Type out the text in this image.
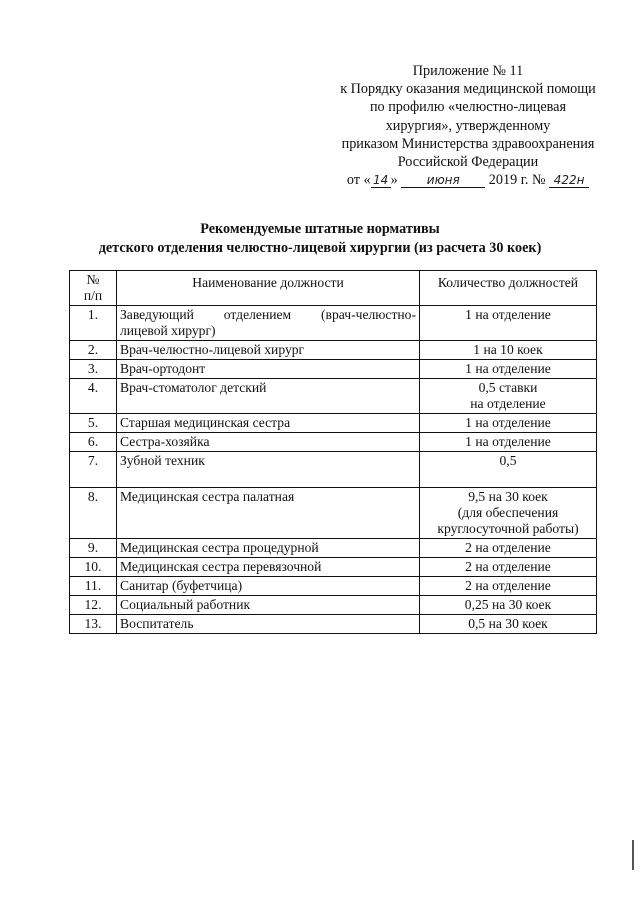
Приложение № 11
к Порядку оказания медицинской помощи
по профилю «челюстно-лицевая
хирургия», утвержденному
приказом Министерства здравоохранения
Российской Федерации
от « 14 » июня 2019 г. № 422н
Рекомендуемые штатные нормативы
детского отделения челюстно-лицевой хирургии (из расчета 30 коек)
№
п/п	Наименование должности	Количество должностей
1.	Заведующий отделением (врач-челюстно-
лицевой хирург)	1 на отделение
2.	Врач-челюстно-лицевой хирург	1 на 10 коек
3.	Врач-ортодонт	1 на отделение
4.	Врач-стоматолог детский	0,5 ставки
на отделение

5.	Старшая медицинская сестра	1 на отделение
6.	Сестра-хозяйка	1 на отделение
7.	Зубной техник	0,5
8.	Медицинская сестра палатная	9,5 на 30 коек
(для обеспечения
круглосуточной работы)

9.	Медицинская сестра процедурной	2 на отделение
10.	Медицинская сестра перевязочной	2 на отделение
11.	Санитар (буфетчица)	2 на отделение
12.	Социальный работник	0,25 на 30 коек
13.	Воспитатель	0,5 на 30 коек
